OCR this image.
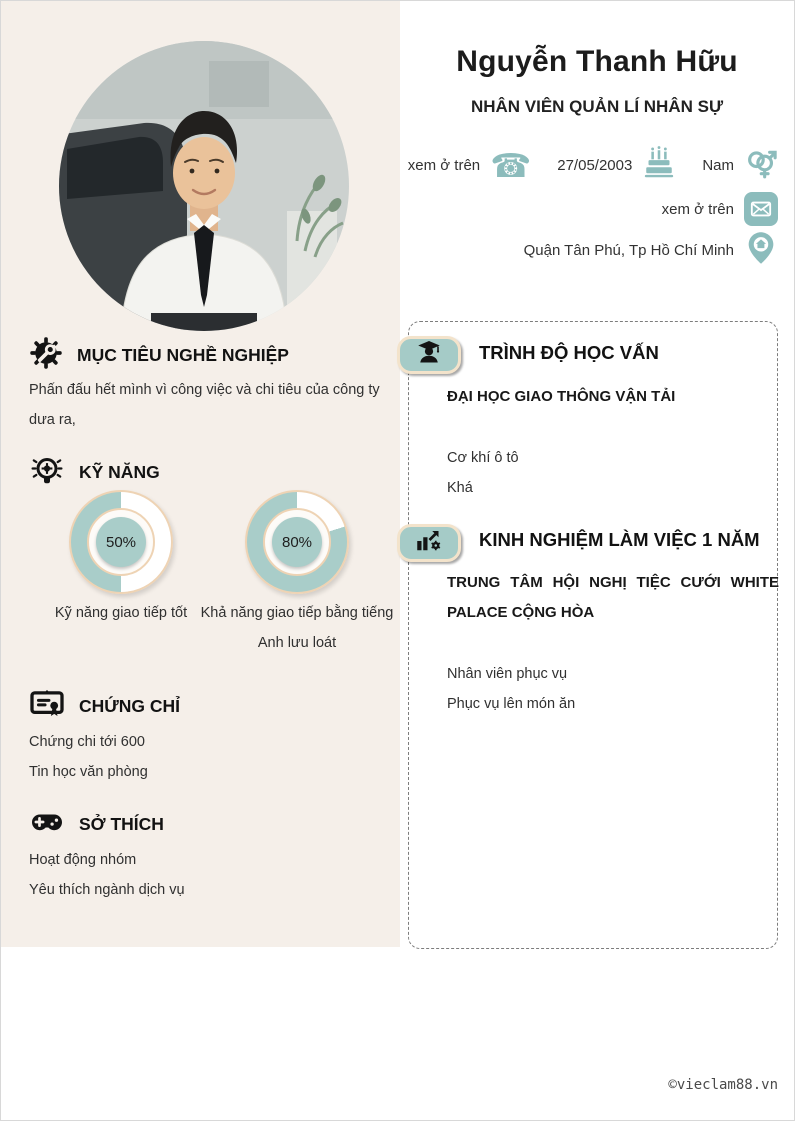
MỤC TIÊU NGHỀ NGHIỆP
Phấn đấu hết mình vì công việc và chi tiêu của công ty dưa ra,
KỸ NĂNG
50%	80%
Kỹ năng giao tiếp tốt Khả năng giao tiếp bằng tiếng Anh lưu loát
CHỨNG CHỈ
Chứng chi tới 600
Tin học văn phòng
SỞ THÍCH
Hoạt động nhóm
Yêu thích ngành dịch vụ
Nguyễn Thanh Hữu
NHÂN VIÊN QUẢN LÍ NHÂN SỰ
xem ở trên ☎ 27/05/2003	Nam
xem ở trên
Quận Tân Phú, Tp Hồ Chí Minh
TRÌNH ĐỘ HỌC VẤN
ĐẠI HỌC GIAO THÔNG VẬN TẢI
Cơ khí ô tô
Khá
KINH NGHIỆM LÀM VIỆC 1 NĂM
TRUNG TÂM HỘI NGHỊ TIỆC CƯỚI WHITE PALACE CỘNG HÒA
Nhân viên phục vụ
Phục vụ lên món ăn
©vieclam88.vn
